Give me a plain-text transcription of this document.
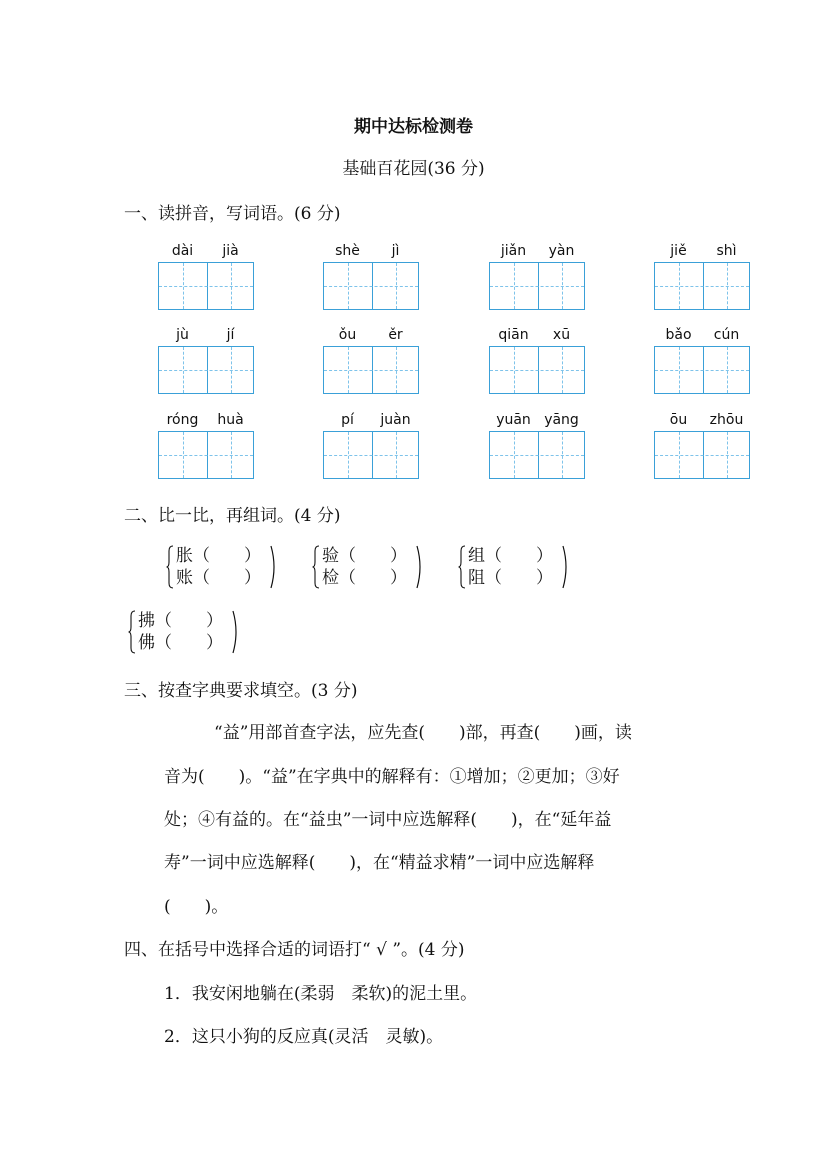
期中达标检测卷
基础百花园(36 分)
一、读拼音，写词语。(6 分)
dài	jià	shè	jì	jiǎn	yàn	jiě	shì
jù	jí	ǒu	ěr	qiān	xū	bǎo	cún
róng	huà	pí	juàn	yuān yāng	ōu	zhōu
二、比一比，再组词。(4 分)
胀（　　）
账（　　）
验（　　）
检（　　）
组（　　）
阻（　　）
拂（　　）
佛（　　）
三、按查字典要求填空。(3 分)
“益”用部首查字法，应先查(　　)部，再查(　　)画，读
音为(　　)。“益”在字典中的解释有：①增加；②更加；③好
处；④有益的。在“益虫”一词中应选解释(　　)，在“延年益
寿”一词中应选解释(　　)，在“精益求精”一词中应选解释
(　　)。
四、在括号中选择合适的词语打“ √ ”。(4 分)
1．我安闲地躺在(柔弱　柔软)的泥土里。
2．这只小狗的反应真(灵活　灵敏)。
